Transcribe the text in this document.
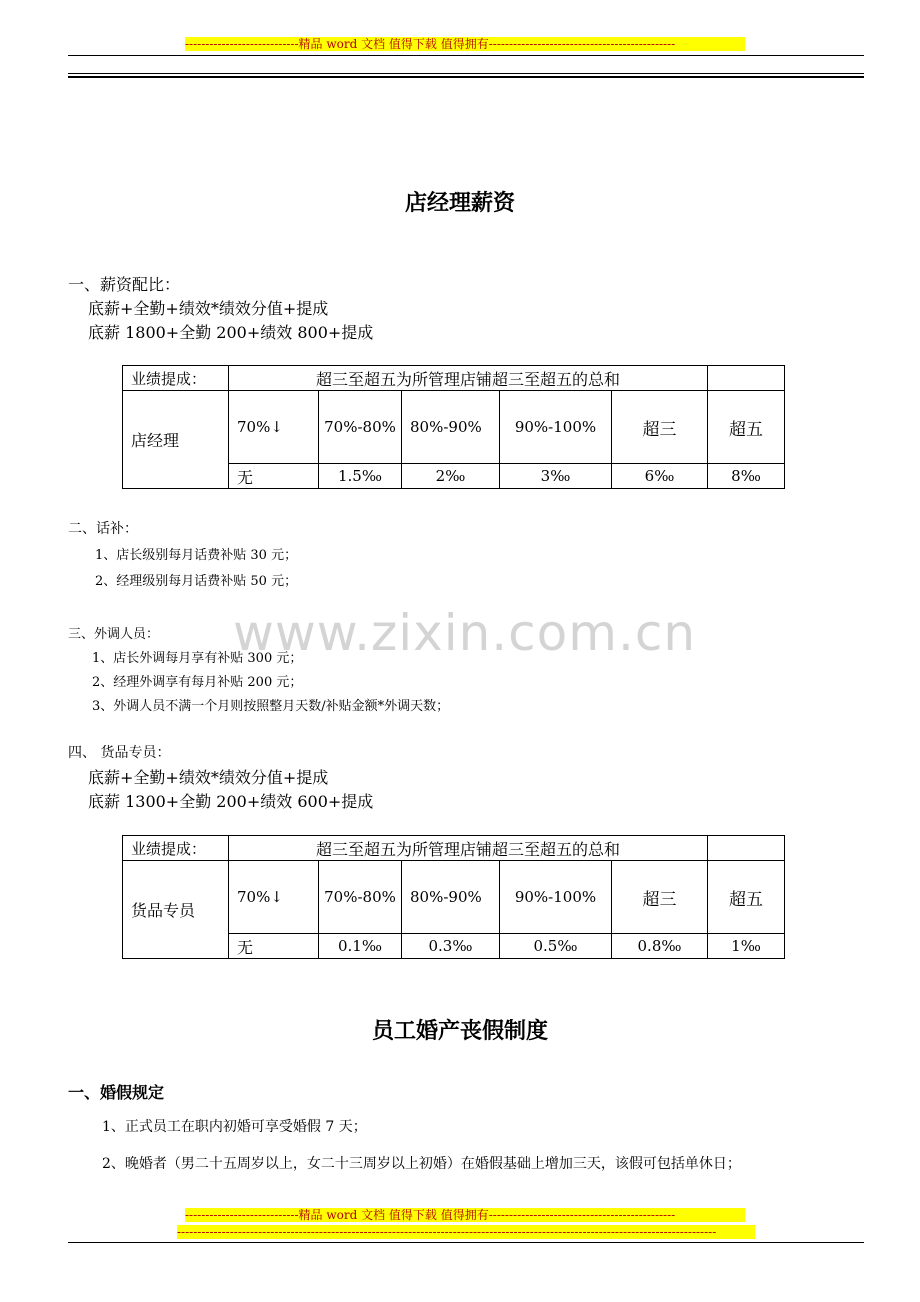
----------------------------精品 word 文档 值得下载 值得拥有----------------------------------------------
店经理薪资
一、薪资配比：
底薪+全勤+绩效*绩效分值+提成
底薪 1800+全勤 200+绩效 800+提成
业绩提成：	超三至超五为所管理店铺超三至超五的总和					
店经理	70%↓	70%-80%	80%-90%	90%-100%	超三	超五
	无	1.5‰	2‰	3‰	6‰	8‰
二、话补：
1、店长级别每月话费补贴 30 元；
2、经理级别每月话费补贴 50 元；
www.zixin.com.cn
三、外调人员：
1、店长外调每月享有补贴 300 元；
2、经理外调享有每月补贴 200 元；
3、外调人员不满一个月则按照整月天数/补贴金额*外调天数；
四、 货品专员：
底薪+全勤+绩效*绩效分值+提成
底薪 1300+全勤 200+绩效 600+提成
业绩提成：	超三至超五为所管理店铺超三至超五的总和					
货品专员	70%↓	70%-80%	80%-90%	90%-100%	超三	超五
	无	0.1‰	0.3‰	0.5‰	0.8‰	1‰
员工婚产丧假制度
一、婚假规定
1、正式员工在职内初婚可享受婚假 7 天；
2、晚婚者（男二十五周岁以上，女二十三周岁以上初婚）在婚假基础上增加三天，该假可包括单休日；
----------------------------精品 word 文档 值得下载 值得拥有----------------------------------------------
-------------------------------------------------------------------------------------------------------------------------------------
